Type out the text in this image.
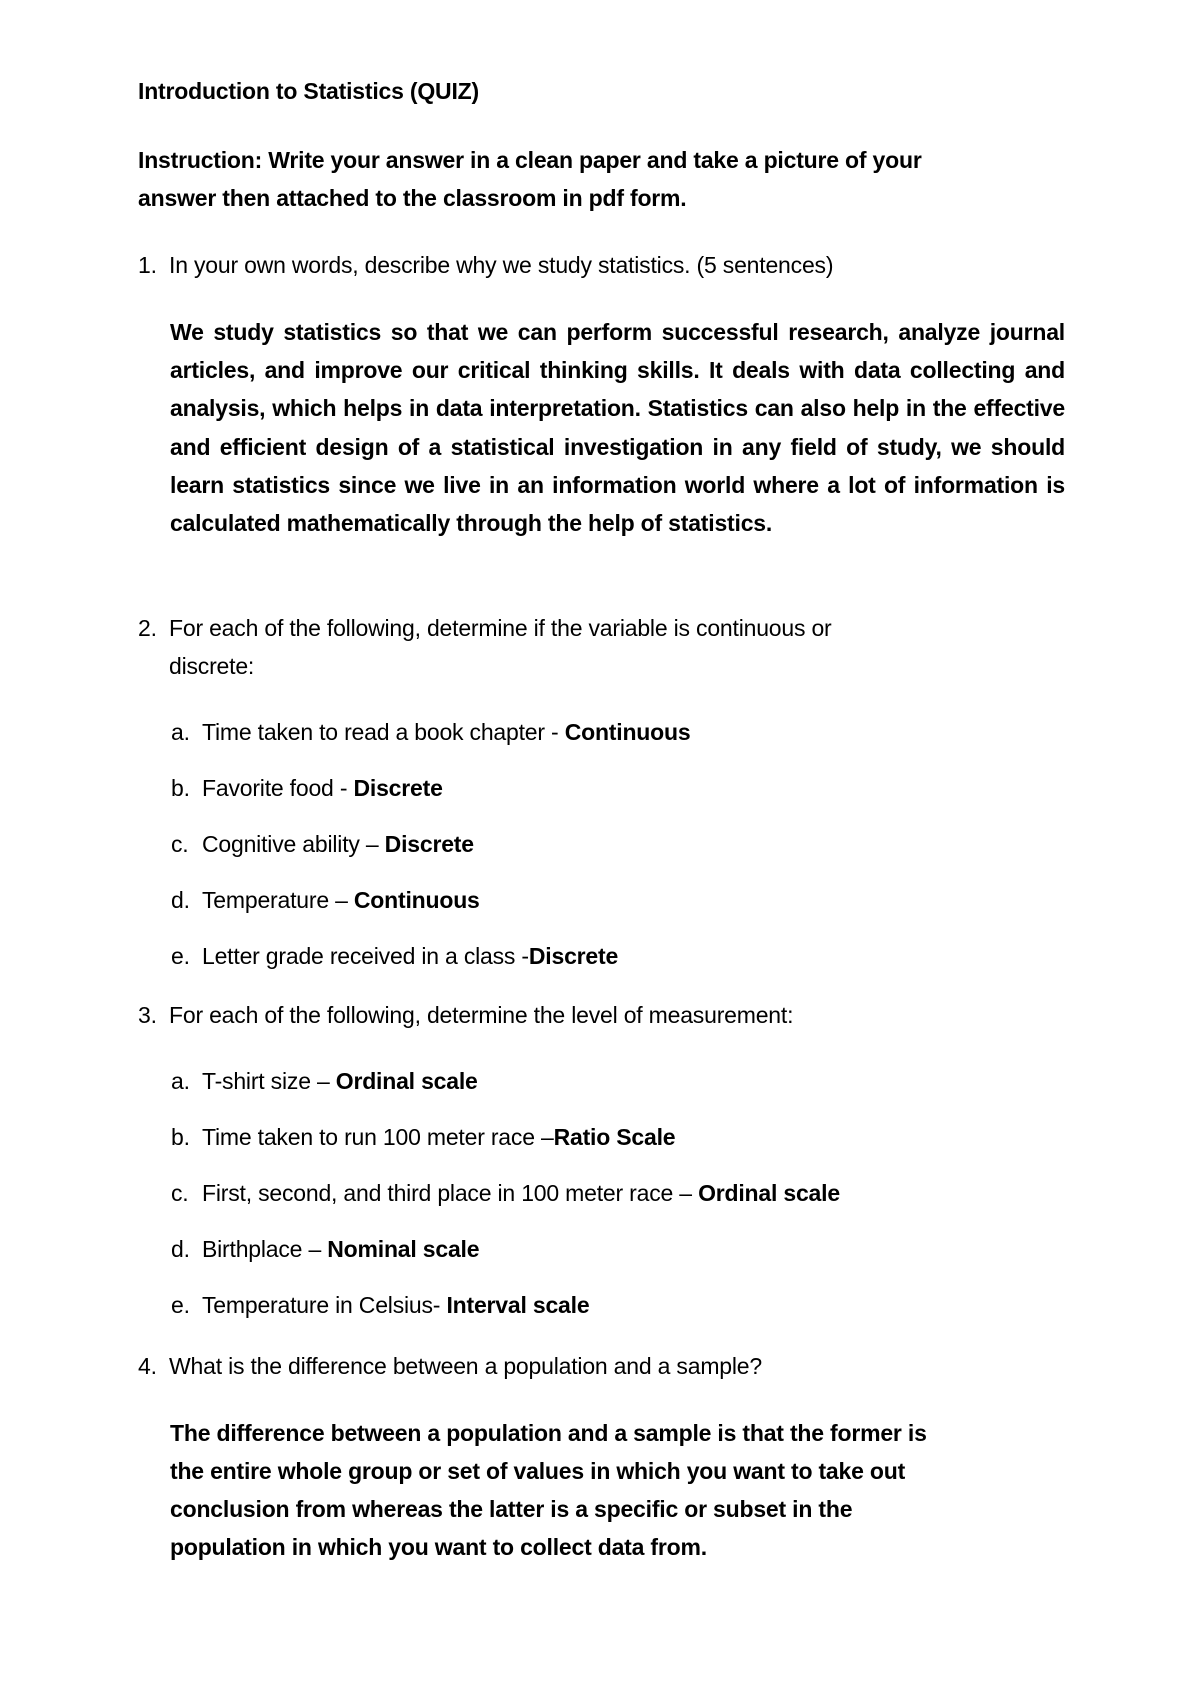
Introduction to Statistics (QUIZ)
Instruction: Write your answer in a clean paper and take a picture of your
answer then attached to the classroom in pdf form.
1. In your own words, describe why we study statistics. (5 sentences)
We study statistics so that we can perform successful research, analyze journal articles, and improve our critical thinking skills. It deals with data collecting and analysis, which helps in data interpretation. Statistics can also help in the effective and efficient design of a statistical investigation in any field of study, we should learn statistics since we live in an information world where a lot of information is calculated mathematically through the help of statistics.
2. For each of the following, determine if the variable is continuous or
discrete:
a. Time taken to read a book chapter - Continuous
b. Favorite food - Discrete
c. Cognitive ability – Discrete
d. Temperature – Continuous
e. Letter grade received in a class -Discrete
3. For each of the following, determine the level of measurement:
a. T-shirt size – Ordinal scale
b. Time taken to run 100 meter race –Ratio Scale
c. First, second, and third place in 100 meter race – Ordinal scale
d. Birthplace – Nominal scale
e. Temperature in Celsius- Interval scale
4. What is the difference between a population and a sample?
The difference between a population and a sample is that the former is
the entire whole group or set of values in which you want to take out
conclusion from whereas the latter is a specific or subset in the
population in which you want to collect data from.
